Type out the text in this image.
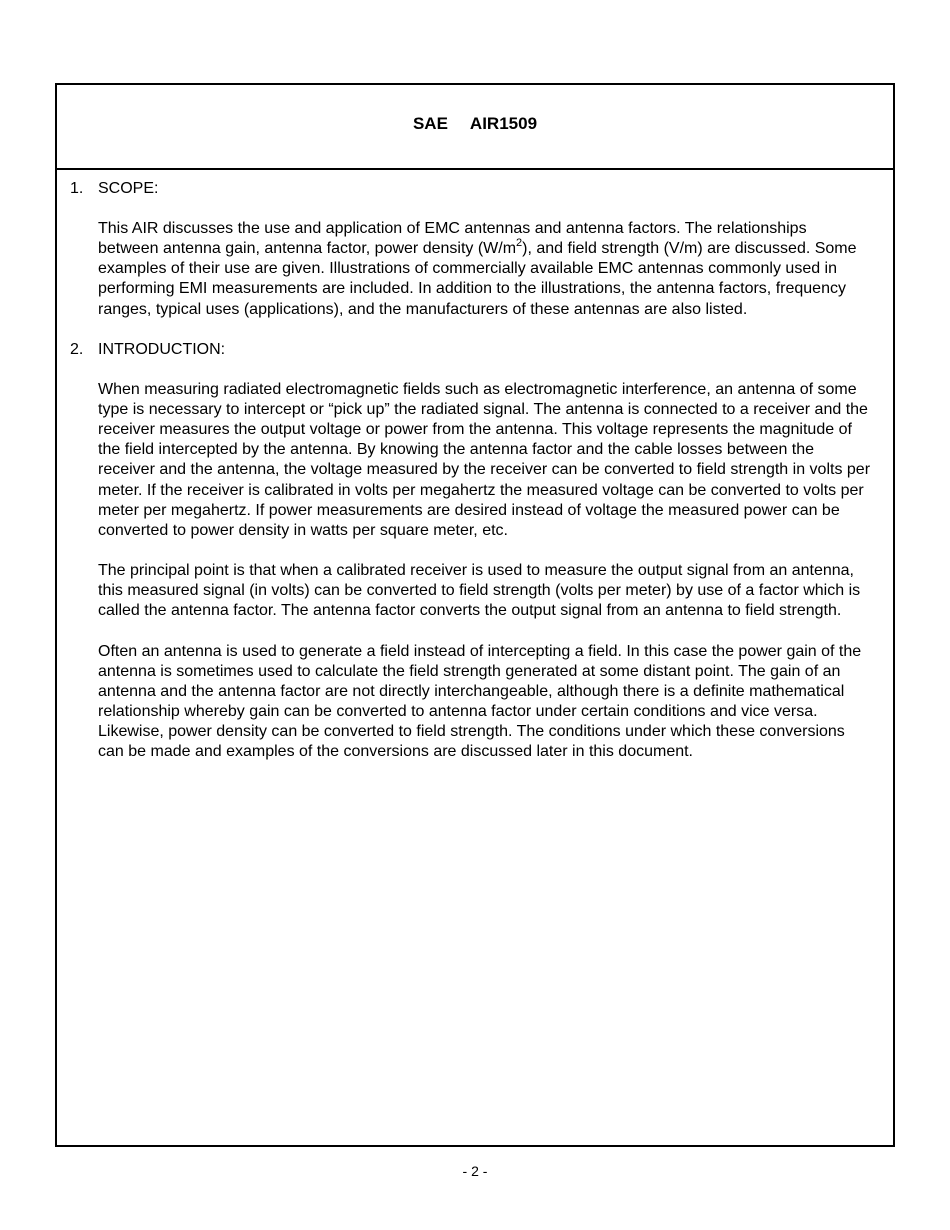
SAE AIR1509
1. SCOPE:

This AIR discusses the use and application of EMC antennas and antenna factors. The relationships between antenna gain, antenna factor, power density $(W/m^2)$, and field strength (V/m) are discussed. Some examples of their use are given. Illustrations of commercially available EMC antennas commonly used in performing EMI measurements are included. In addition to the illustrations, the antenna factors, frequency ranges, typical uses (applications), and the manufacturers of these antennas are also listed.

2. INTRODUCTION:

When measuring radiated electromagnetic fields such as electromagnetic interference, an antenna of some type is necessary to intercept or “pick up” the radiated signal. The antenna is connected to a receiver and the receiver measures the output voltage or power from the antenna. This voltage represents the magnitude of the field intercepted by the antenna. By knowing the antenna factor and the cable losses between the receiver and the antenna, the voltage measured by the receiver can be converted to field strength in volts per meter. If the receiver is calibrated in volts per megahertz the measured voltage can be converted to volts per meter per megahertz. If power measurements are desired instead of voltage the measured power can be converted to power density in watts per square meter, etc.

The principal point is that when a calibrated receiver is used to measure the output signal from an antenna, this measured signal (in volts) can be converted to field strength (volts per meter) by use of a factor which is called the antenna factor. The antenna factor converts the output signal from an antenna to field strength.

Often an antenna is used to generate a field instead of intercepting a field. In this case the power gain of the antenna is sometimes used to calculate the field strength generated at some distant point. The gain of an antenna and the antenna factor are not directly interchangeable, although there is a definite mathematical relationship whereby gain can be converted to antenna factor under certain conditions and vice versa. Likewise, power density can be converted to field strength. The conditions under which these conversions can be made and examples of the conversions are discussed later in this document.

- 2 -
